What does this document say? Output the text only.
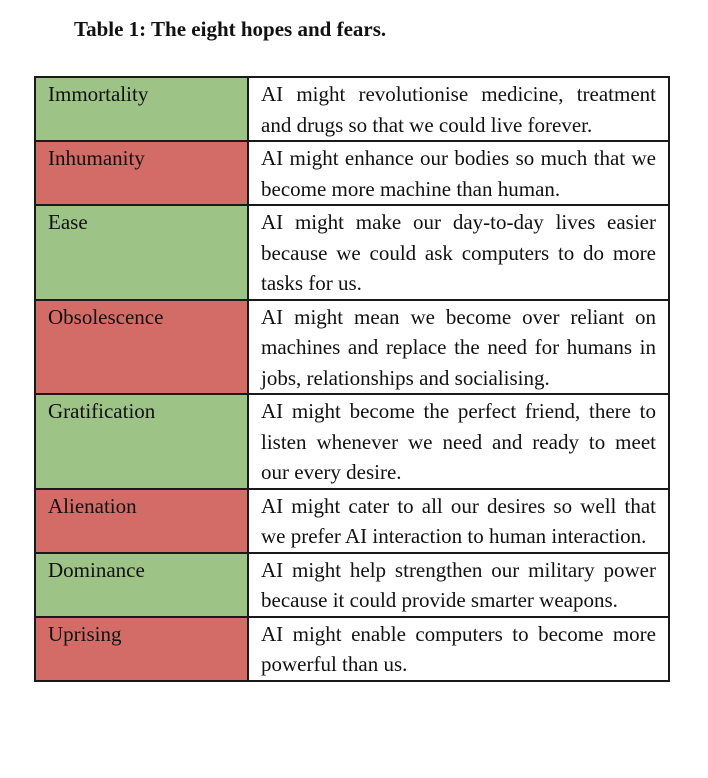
Table 1: The eight hopes and fears.
Immortality	AI might revolutionise medicine, treatment and drugs so that we could live forever.
Inhumanity	AI might enhance our bodies so much that we become more machine than human.
Ease	AI might make our day-to-day lives easier because we could ask computers to do more tasks for us.
Obsolescence	AI might mean we become over reliant on machines and replace the need for humans in jobs, relationships and socialising.
Gratification	AI might become the perfect friend, there to listen whenever we need and ready to meet our every desire.
Alienation	AI might cater to all our desires so well that we prefer AI interaction to human interaction.
Dominance	AI might help strengthen our military power because it could provide smarter weapons.
Uprising	AI might enable computers to become more powerful than us.
